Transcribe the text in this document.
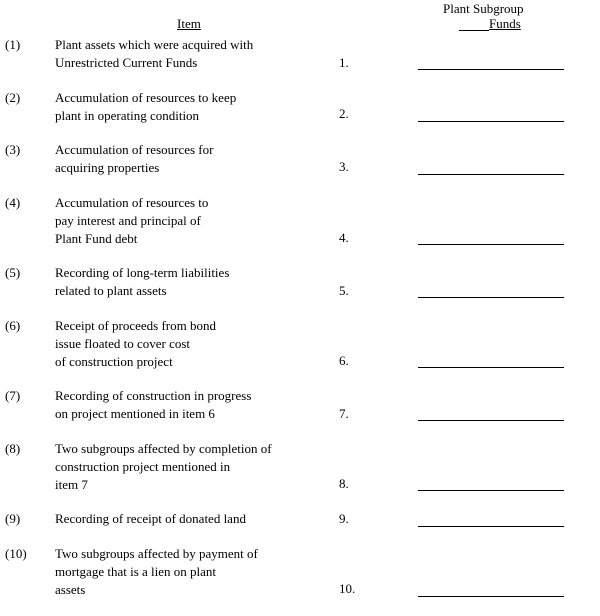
Item
Plant Subgroup
Funds
(1)	Plant assets which were acquired with
Unrestricted Current Funds	1.
(2)	Accumulation of resources to keep
plant in operating condition	2.
(3)	Accumulation of resources for
acquiring properties	3.
(4)	Accumulation of resources to
pay interest and principal of
Plant Fund debt	4.
(5)	Recording of long-term liabilities
related to plant assets	5.
(6)	Receipt of proceeds from bond
issue floated to cover cost
of construction project	6.
(7)	Recording of construction in progress
on project mentioned in item 6	7.
(8)	Two subgroups affected by completion of
construction project mentioned in
item 7	8.
(9)	Recording of receipt of donated land	9.
(10) Two subgroups affected by payment of
mortgage that is a lien on plant
assets	10.
